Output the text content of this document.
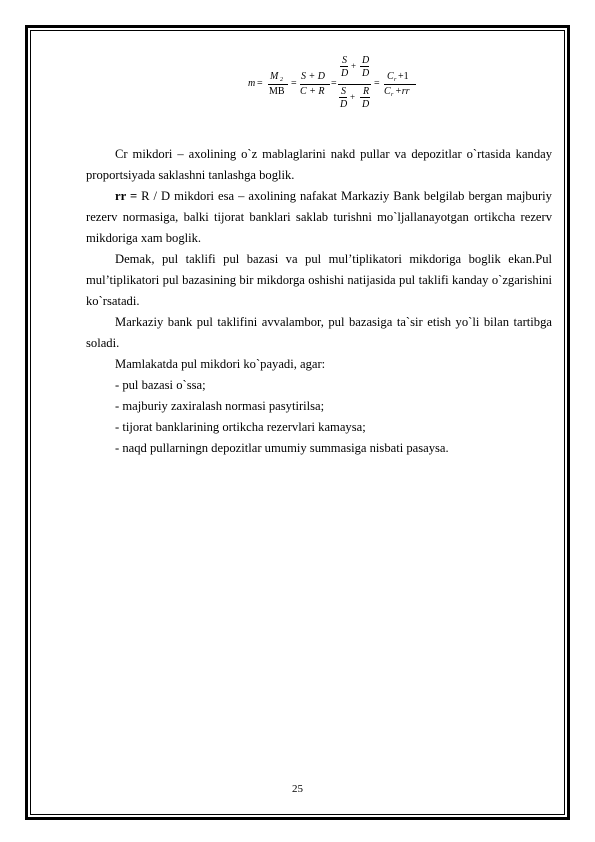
m =
M 2
MB
=
S + D
C + R
=
S
D
+ D
D
S
D
+ R
D
=
C r +1
C r +rr

Cr mikdori – axolining o`z mablaglarini nakd pullar va depozitlar o`rtasida kanday proportsiyada saklashni tanlashga boglik.

rr = R / D mikdori esa – axolining nafakat Markaziy Bank belgilab bergan majburiy rezerv normasiga, balki tijorat banklari saklab turishni mo`ljallanayotgan ortikcha rezerv mikdoriga xam boglik.

Demak, pul taklifi pul bazasi va pul mul’tiplikatori mikdoriga boglik ekan.Pul mul’tiplikatori pul bazasining bir mikdorga oshishi natijasida pul taklifi kanday o`zgarishini ko`rsatadi.

Markaziy bank pul taklifini avvalambor, pul bazasiga ta`sir etish yo`li bilan tartibga soladi.

Mamlakatda pul mikdori ko`payadi, agar:

- pul bazasi o`ssa;

- majburiy zaxiralash normasi pasytirilsa;

- tijorat banklarining ortikcha rezervlari kamaysa;

- naqd pullarningn depozitlar umumiy summasiga nisbati pasaysa.

25
